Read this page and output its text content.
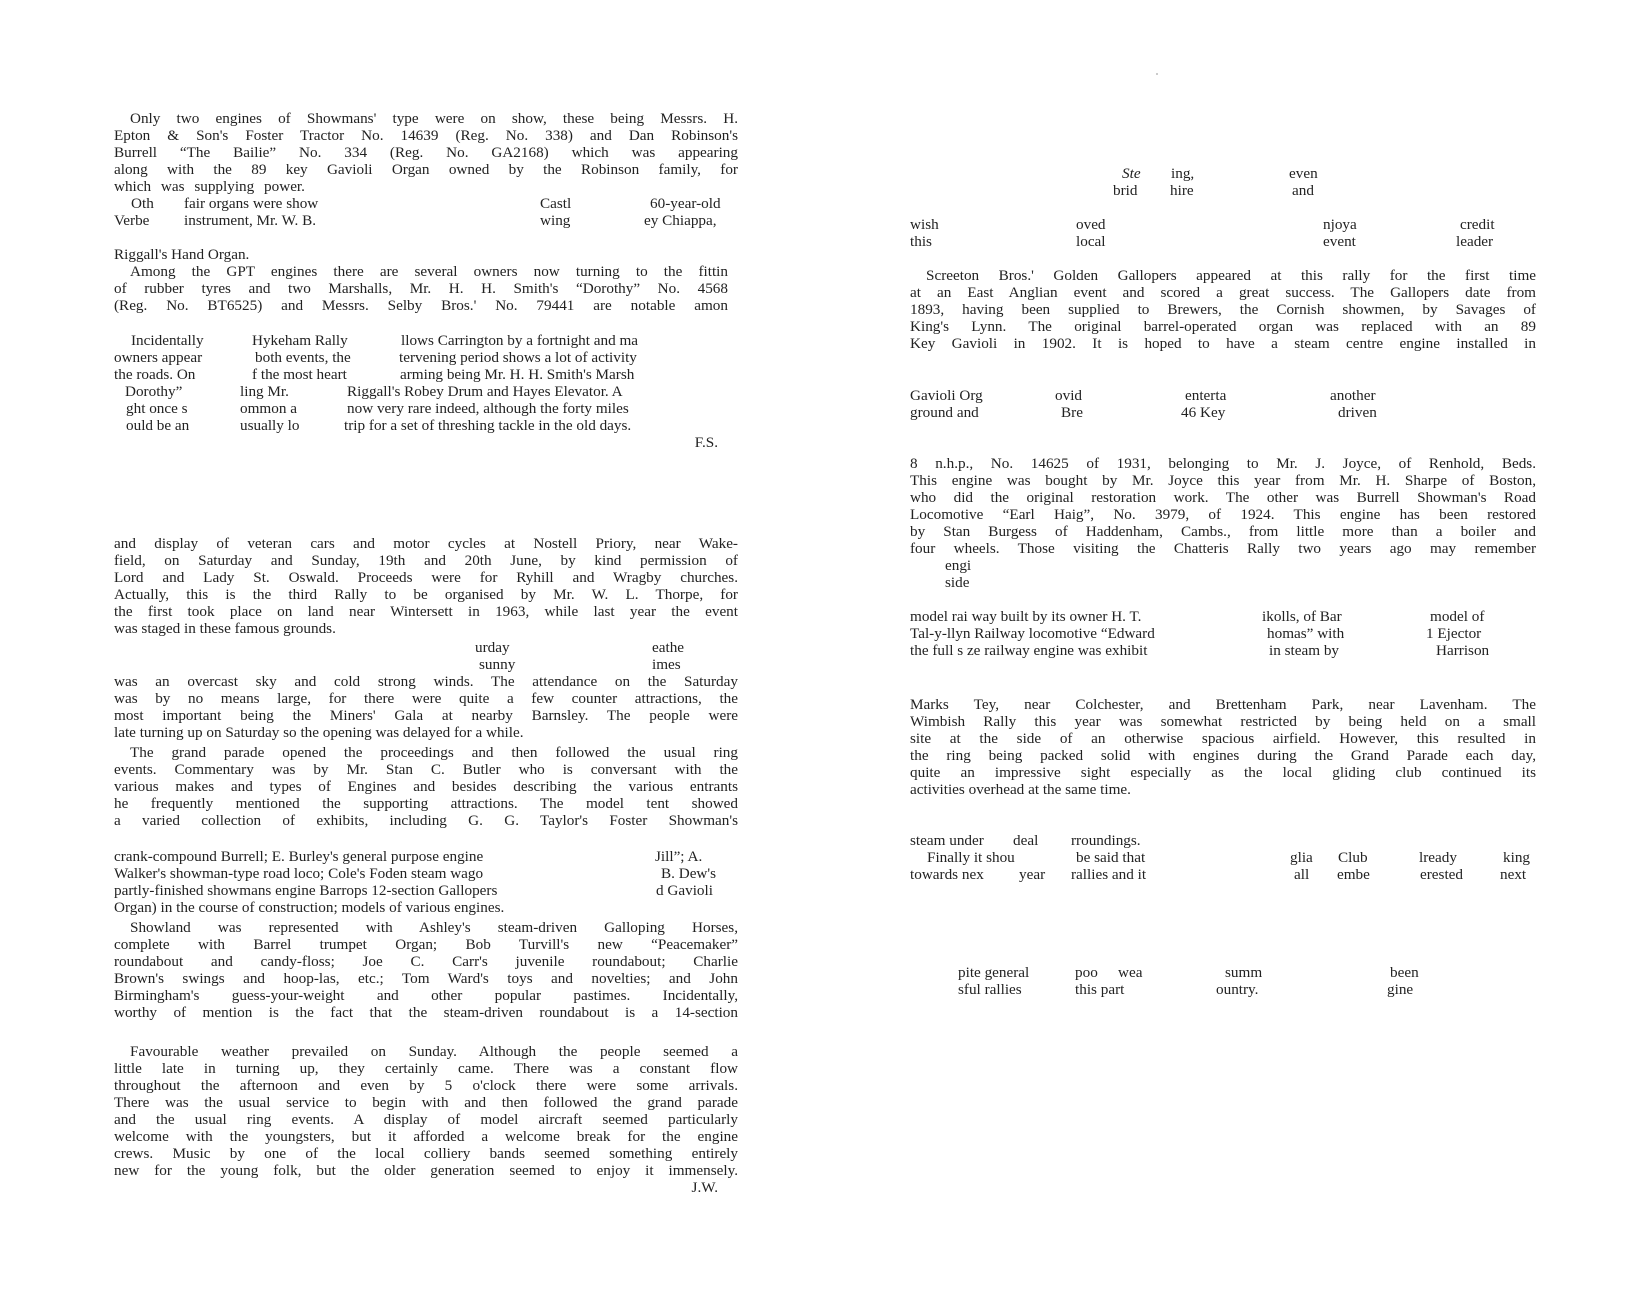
Only two engines of Showmans' type were on show, these being Messrs. H.
Epton & Son's Foster Tractor No. 14639 (Reg. No. 338) and Dan Robinson's
Burrell “The Bailie” No. 334 (Reg. No. GA2168) which was appearing
along with the 89 key Gavioli Organ owned by the Robinson family, for
which was supplying power.
Oth fair organs were show	Castl	60-year-old
Verbe instrument, Mr. W. B.	wing	ey Chiappa,
Riggall's Hand Organ.
Among the GPT engines there are several owners now turning to the fittin
of rubber tyres and two Marshalls, Mr. H. H. Smith's “Dorothy” No. 4568
(Reg. No. BT6525) and Messrs. Selby Bros.' No. 79441 are notable amon
Incidentally	Hykeham Rally	llows Carrington by a fortnight and ma
owners appear	both events, the	tervening period shows a lot of activity
the roads. On	f the most heart	arming being Mr. H. H. Smith's Marsh
Dorothy”	ling Mr.	Riggall's Robey Drum and Hayes Elevator. A
ght once s	ommon a	now very rare indeed, although the forty miles
ould be an	usually lo	trip for a set of threshing tackle in the old days.
F.S.
and display of veteran cars and motor cycles at Nostell Priory, near Wake-
field, on Saturday and Sunday, 19th and 20th June, by kind permission of
Lord and Lady St. Oswald. Proceeds were for Ryhill and Wragby churches.
Actually, this is the third Rally to be organised by Mr. W. L. Thorpe, for
the first took place on land near Wintersett in 1963, while last year the event
was staged in these famous grounds.
urday	eathe
sunny	imes
was an overcast sky and cold strong winds. The attendance on the Saturday
was by no means large, for there were quite a few counter attractions, the
most important being the Miners' Gala at nearby Barnsley. The people were
late turning up on Saturday so the opening was delayed for a while.
The grand parade opened the proceedings and then followed the usual ring
events. Commentary was by Mr. Stan C. Butler who is conversant with the
various makes and types of Engines and besides describing the various entrants
he frequently mentioned the supporting attractions. The model tent showed
a varied collection of exhibits, including G. G. Taylor's Foster Showman's
crank-compound Burrell; E. Burley's general purpose engine	Jill”; A.
Walker's showman-type road loco; Cole's Foden steam wago	B. Dew's
partly-finished showmans engine Barrops 12-section Gallopers	d Gavioli
Organ) in the course of construction; models of various engines.
Showland was represented with Ashley's steam-driven Galloping Horses,
complete with Barrel trumpet Organ; Bob Turvill's new “Peacemaker”
roundabout and candy-floss; Joe C. Carr's juvenile roundabout; Charlie
Brown's swings and hoop-las, etc.; Tom Ward's toys and novelties; and John
Birmingham's guess-your-weight and other popular pastimes. Incidentally,
worthy of mention is the fact that the steam-driven roundabout is a 14-section
Favourable weather prevailed on Sunday. Although the people seemed a
little late in turning up, they certainly came. There was a constant flow
throughout the afternoon and even by 5 o'clock there were some arrivals.
There was the usual service to begin with and then followed the grand parade
and the usual ring events. A display of model aircraft seemed particularly
welcome with the youngsters, but it afforded a welcome break for the engine
crews. Music by one of the local colliery bands seemed something entirely
new for the young folk, but the older generation seemed to enjoy it immensely.
J.W.
Ste ing,	even
brid hire	and
wish	oved	njoya	credit
this	local	event	leader
Screeton Bros.' Golden Gallopers appeared at this rally for the first time
at an East Anglian event and scored a great success. The Gallopers date from
1893, having been supplied to Brewers, the Cornish showmen, by Savages of
King's Lynn. The original barrel-operated organ was replaced with an 89
Key Gavioli in 1902. It is hoped to have a steam centre engine installed in
Gavioli Org	ovid	enterta	another
ground and	Bre	46 Key	driven
8 n.h.p., No. 14625 of 1931, belonging to Mr. J. Joyce, of Renhold, Beds.
This engine was bought by Mr. Joyce this year from Mr. H. Sharpe of Boston,
who did the original restoration work. The other was Burrell Showman's Road
Locomotive “Earl Haig”, No. 3979, of 1924. This engine has been restored
by Stan Burgess of Haddenham, Cambs., from little more than a boiler and
four wheels. Those visiting the Chatteris Rally two years ago may remember
engi
side
model rai way built by its owner H. T.	ikolls, of Bar	model of
Tal-y-llyn Railway locomotive “Edward	homas” with	1 Ejector
the full s ze railway engine was exhibit	in steam by	Harrison
Marks Tey, near Colchester, and Brettenham Park, near Lavenham. The
Wimbish Rally this year was somewhat restricted by being held on a small
site at the side of an otherwise spacious airfield. However, this resulted in
the ring being packed solid with engines during the Grand Parade each day,
quite an impressive sight especially as the local gliding club continued its
activities overhead at the same time.
steam under deal rroundings.
Finally it shou	be said that	glia Club	lready	king
towards nex year rallies and it	all embe	erested next
pite general	poo wea	summ	been
sful rallies	this part	ountry.	gine
